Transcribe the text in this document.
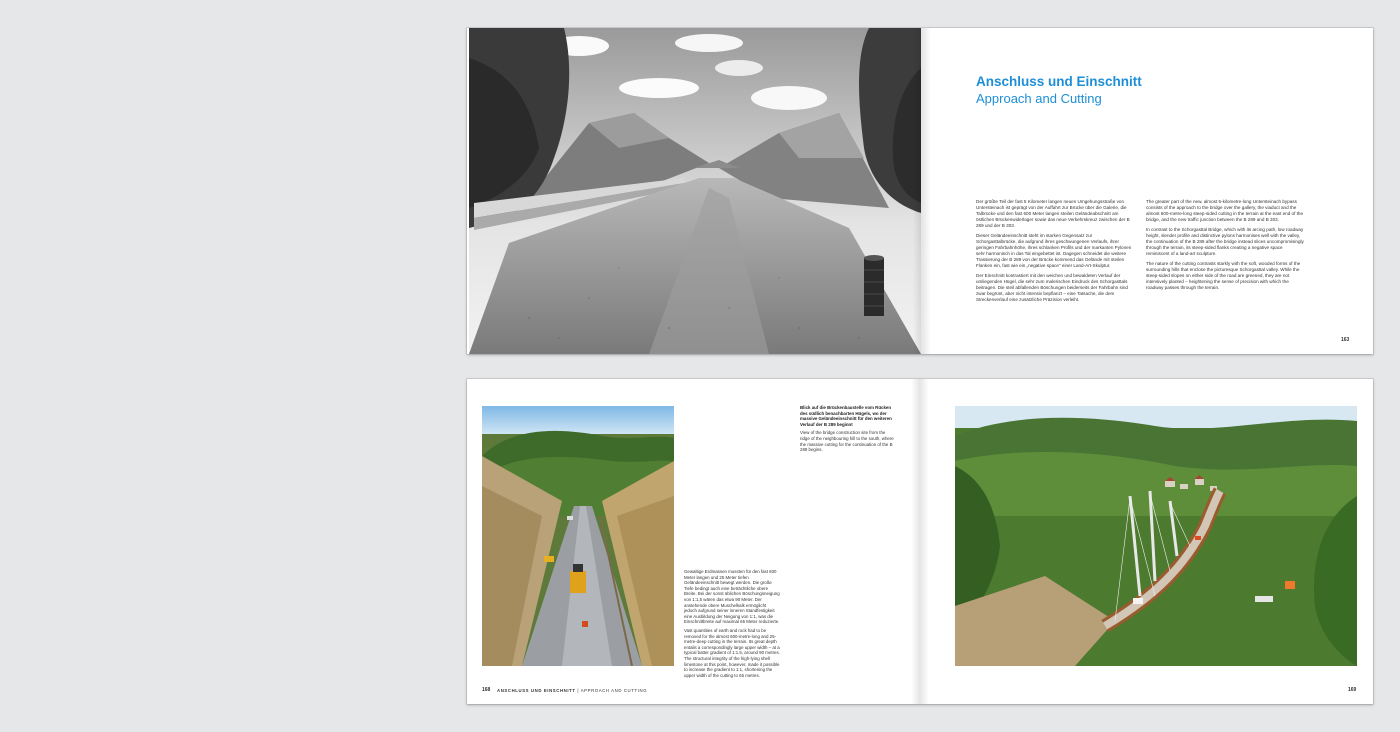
Anschluss und Einschnitt
Approach and Cutting

Der größte Teil der fast 5 Kilometer langen neuen Umgehungsstraße von Untersteinach ist geprägt von der Auffahrt zur Brücke über die Galerie, die Talbrücke und den fast 600 Meter langen steilen Geländeabschnitt am östlichen Brückenwiderlager sowie das neue Verkehrskreuz zwischen der B 289 und der B 303.

Dieser Geländeeinschnitt steht im starken Gegensatz zur Schorgasttalbrücke, die aufgrund ihres geschwungenen Verlaufs, ihrer geringen Fahrbahnhöhe, ihres schlanken Profils und der markanten Pylonen sehr harmonisch in das Tal eingebettet ist. Dagegen schneidet die weitere Trassierung der B 289 von der Brücke kommend das Gelände mit steilen Flanken ein, fast wie ein „negative space" einer Land-Art-Skulptur.

Der Einschnitt kontrastiert mit den weichen und bewaldeten Verlauf der umliegenden Hügel, die sehr zum malerischen Eindruck des Schorgasttals beitragen. Die steil abfallenden Böschungen beiderseits der Fahrbahn sind zwar begrünt, aber nicht intensiv bepflanzt – eine Tatsache, die dem Streckenverlauf eine zusätzliche Präzision verleiht.

The greater part of the new, almost 5-kilometre-long Untersteinach bypass consists of the approach to the bridge over the gallery, the viaduct and the almost 600-metre-long steep-sided cutting in the terrain at the east end of the bridge, and the new traffic junction between the B 289 and B 303.

In contrast to the Schorgasttal Bridge, which with its arcing path, low roadway height, slender profile and distinctive pylons harmonises well with the valley, the continuation of the B 289 after the bridge instead slices uncompromisingly through the terrain, its steep-sided flanks creating a negative space reminiscent of a land-art sculpture.

The nature of the cutting contrasts starkly with the soft, wooded forms of the surrounding hills that enclose the picturesque Schorgasttal valley. While the steep-sided slopes on either side of the road are greened, they are not intensively planted – heightening the sense of precision with which the roadway passes through the terrain.

163

Blick auf die Brückenbaustelle vom Rücken des südlich benachbarten Hügels, wo der massive Geländeeinschnitt für den weiteren Verlauf der B 289 beginnt

View of the bridge construction site from the ridge of the neighbouring hill to the south, where the massive cutting for the continuation of the B 289 begins.

Gewaltige Erdmassen mussten für den fast 600 Meter langen und 25 Meter tiefen Geländeeinschnitt bewegt werden. Die große Tiefe bedingt auch eine beträchtliche obere Breite. Bei der sonst üblichen Böschungsneigung von 1:1,5 wären das etwa 90 Meter. Der anstehende obere Muschelkalk ermöglicht jedoch aufgrund seiner inneren Standfestigkeit eine Ausbildung der Neigung von 1:1, was die Einschnittbreite auf maximal 65 Meter reduzierte.

Vast quantities of earth and rock had to be removed for the almost 600-metre-long and 25-metre-deep cutting in the terrain. Its great depth entails a correspondingly large upper width – at a typical batter gradient of 1:1.5, around 90 metres. The structural integrity of the high-lying shell limestone at this point, however, made it possible to increase the gradient to 1:1, shortening the upper width of the cutting to 65 metres.

168 ANSCHLUSS UND EINSCHNITT | APPROACH AND CUTTING	169
